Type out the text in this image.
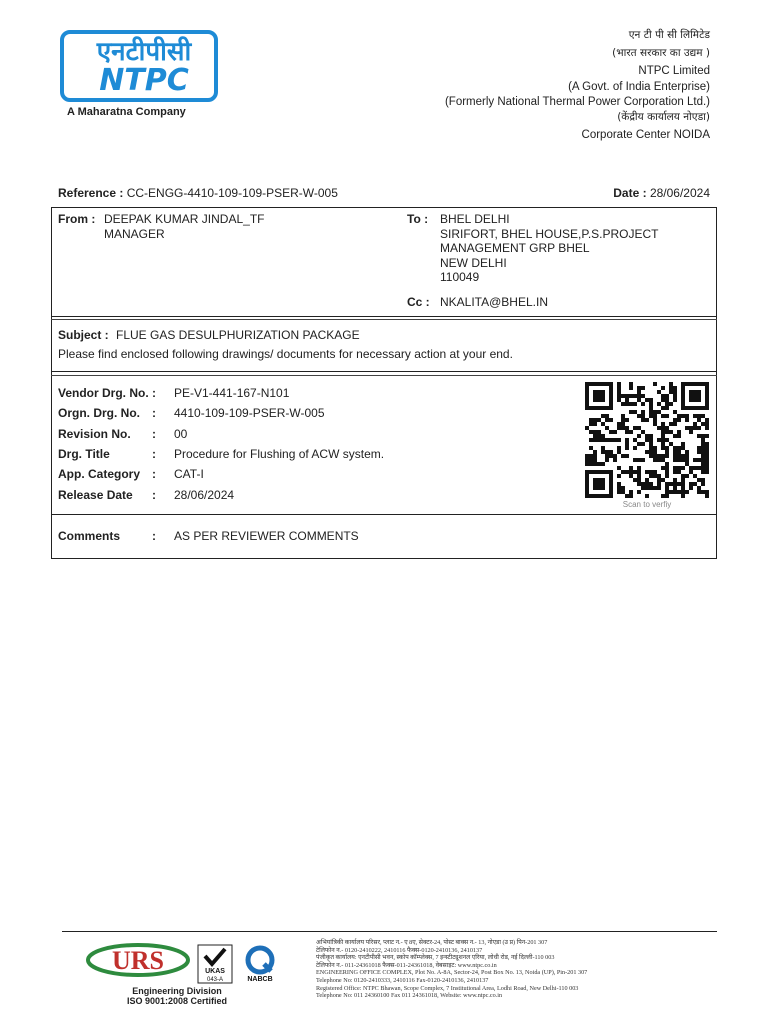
एनटीपीसी
NTPC
A Maharatna Company
एन टी पी सी लिमिटेड
(भारत सरकार का उद्यम )
NTPC Limited
(A Govt. of India Enterprise)
(Formerly National Thermal Power Corporation Ltd.)
(केंद्रीय कार्यालय नोएडा)
Corporate Center NOIDA
Reference : CC-ENGG-4410-109-109-PSER-W-005	Date : 28/06/2024
From : DEEPAK KUMAR JINDAL_TF
MANAGER
To : BHEL DELHI
SIRIFORT, BHEL HOUSE,P.S.PROJECT
MANAGEMENT GRP BHEL
NEW DELHI
110049
Cc : NKALITA@BHEL.IN
Subject : FLUE GAS DESULPHURIZATION PACKAGE
Please find enclosed following drawings/ documents for necessary action at your end.
Vendor Drg. No. : PE-V1-441-167-N101
Orgn. Drg. No. : 4410-109-109-PSER-W-005
Revision No. : 00
Drg. Title	: Procedure for Flushing of ACW system.
App. Category : CAT-I
Release Date : 28/06/2024
Scan to verfiy
Comments	: AS PER REVIEWER COMMENTS
URS	UKAS
043-A	NABCB
Engineering Division
ISO 9001:2008 Certified
अभियांत्रिकी कार्यालय परिसर, प्लाट न.- ए 8ए, सेक्टर-24, पोस्ट बाक्स न.- 13, नोएडा (उ प्र) पिन-201 307
टेलिफोन न.- 0120-2410222, 2410116 फैक्स-0120-2410136, 2410137
पंजीकृत कार्यालय: एनटीपीसी भवन, स्कोप कॉम्प्लेक्स, 7 इन्स्टीट्यूशनल एरिया, लोधी रोड, नई दिल्ली-110 003
टेलिफोन न.- 011-24361018 फैक्स-011-24361018, वेबसाइट: www.ntpc.co.in
ENGINEERING OFFICE COMPLEX, Plot No. A-8A, Sector-24, Post Box No. 13, Noida (UP), Pin-201 307
Telephone No: 0120-2410333, 2410116 Fax-0120-2410136, 2410137
Registered Office: NTPC Bhawan, Scope Complex, 7 Institutional Area, Lodhi Road, New Delhi-110 003
Telephone No: 011 24360100 Fax 011 24361018, Website: www.ntpc.co.in
